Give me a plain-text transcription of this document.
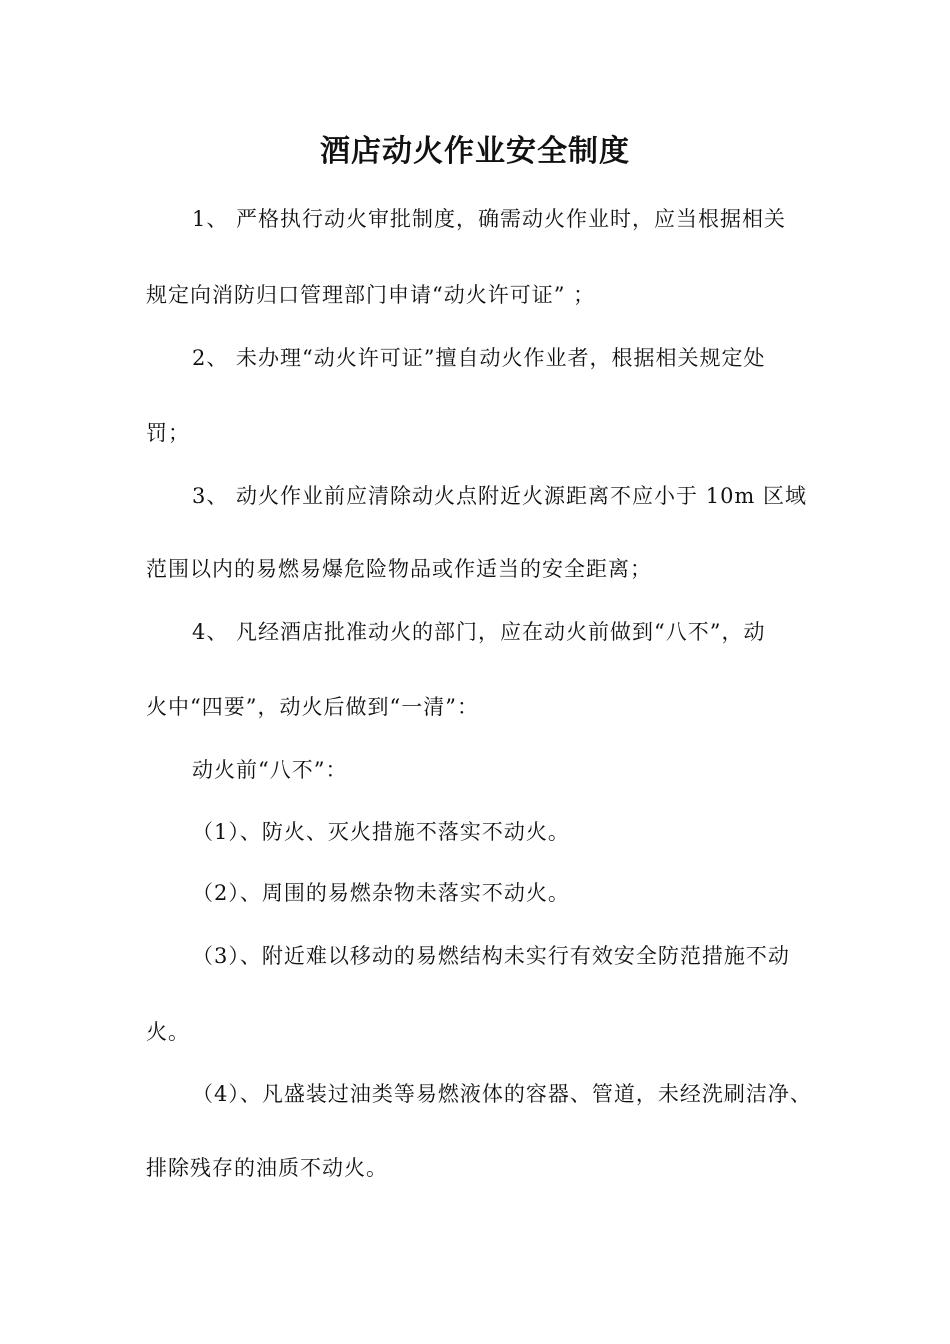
酒店动火作业安全制度
1、 严格执行动火审批制度，确需动火作业时，应当根据相关
规定向消防归口管理部门申请“动火许可证” ；
2、 未办理“动火许可证”擅自动火作业者，根据相关规定处
罚；
3、 动火作业前应清除动火点附近火源距离不应小于 10m 区域
范围以内的易燃易爆危险物品或作适当的安全距离；
4、 凡经酒店批准动火的部门，应在动火前做到“八不”，动
火中“四要”，动火后做到“一清”：
动火前“八不”：
（1）、防火、灭火措施不落实不动火。
（2）、周围的易燃杂物未落实不动火。
（3）、附近难以移动的易燃结构未实行有效安全防范措施不动
火。
（4）、凡盛装过油类等易燃液体的容器、管道，未经洗刷洁净、
排除残存的油质不动火。
